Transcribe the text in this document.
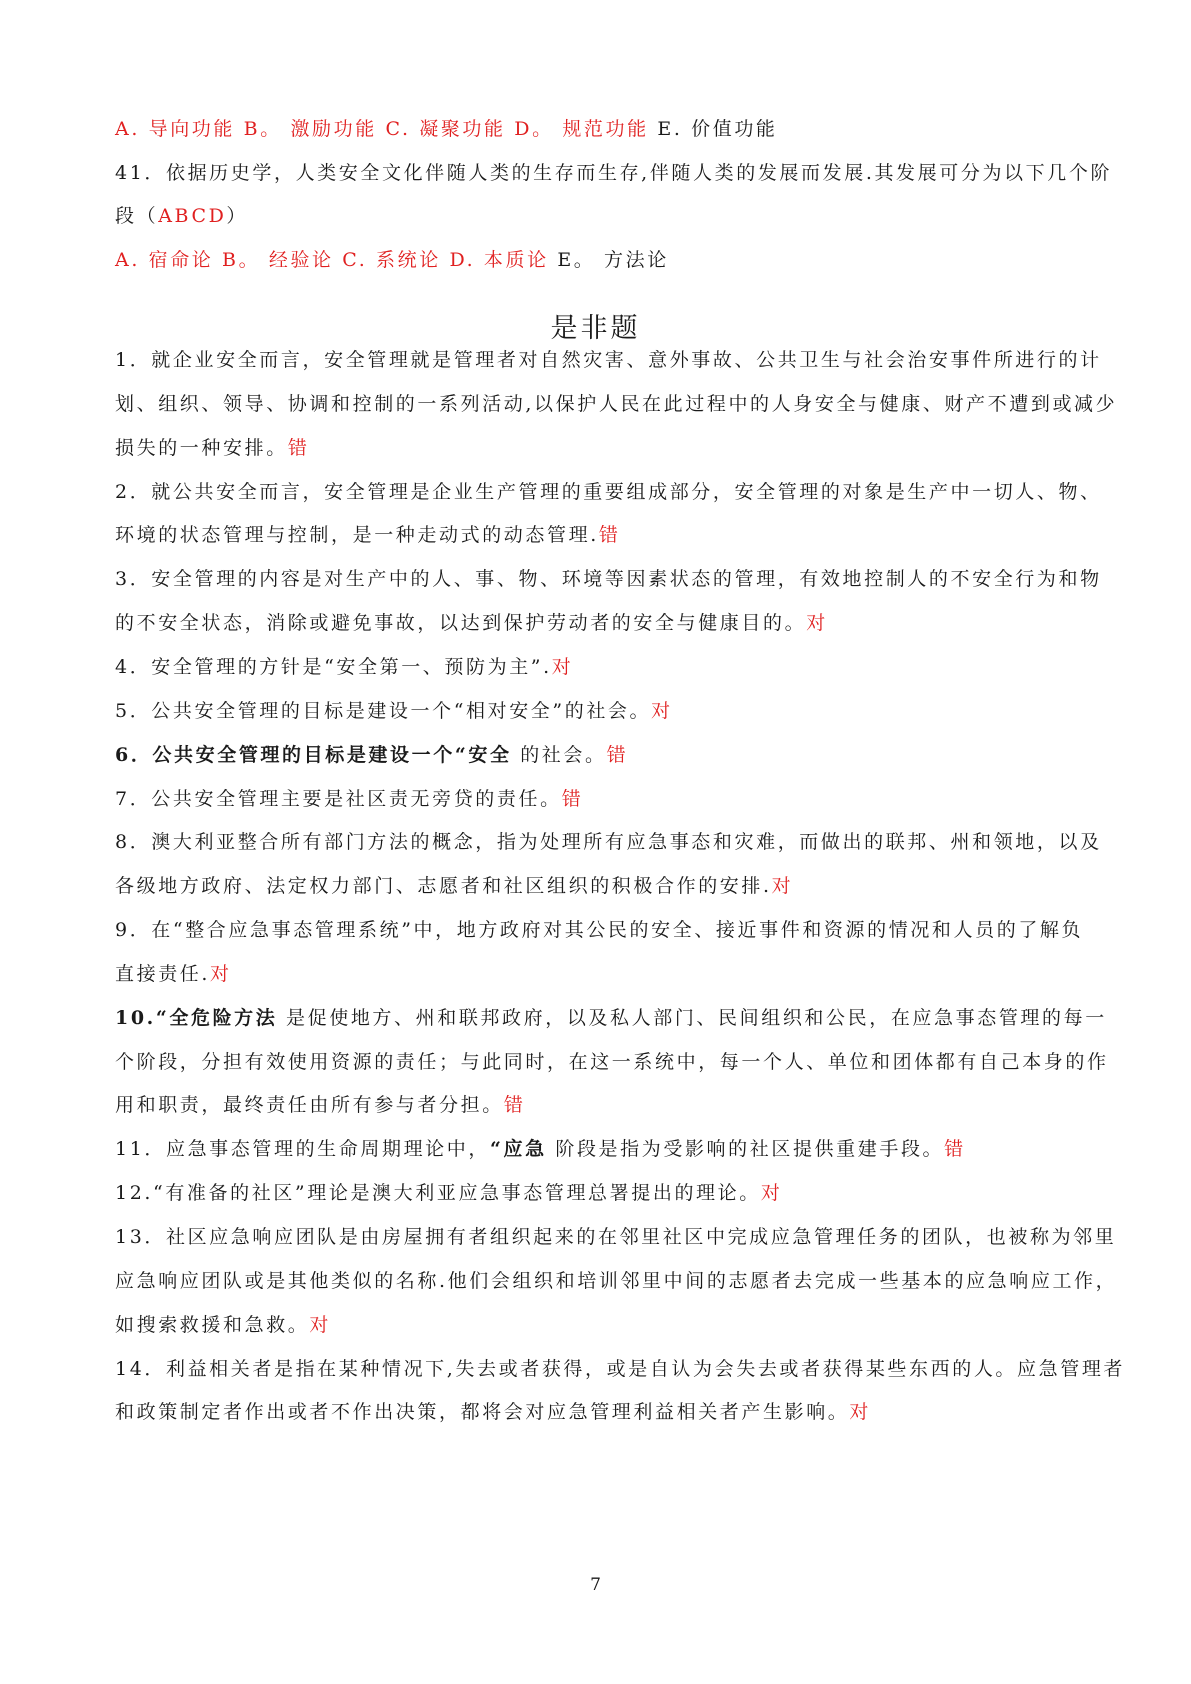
A. 导向功能 B。 激励功能 C. 凝聚功能 D。 规范功能 E. 价值功能
41．依据历史学，人类安全文化伴随人类的生存而生存,伴随人类的发展而发展.其发展可分为以下几个阶
段（ABCD）
A. 宿命论 B。 经验论 C. 系统论 D. 本质论 E。 方法论
是非题
1．就企业安全而言，安全管理就是管理者对自然灾害、意外事故、公共卫生与社会治安事件所进行的计
划、组织、领导、协调和控制的一系列活动,以保护人民在此过程中的人身安全与健康、财产不遭到或减少
损失的一种安排。错
2．就公共安全而言，安全管理是企业生产管理的重要组成部分，安全管理的对象是生产中一切人、物、
环境的状态管理与控制，是一种走动式的动态管理.错
3．安全管理的内容是对生产中的人、事、物、环境等因素状态的管理，有效地控制人的不安全行为和物
的不安全状态，消除或避免事故，以达到保护劳动者的安全与健康目的。对
4．安全管理的方针是“安全第一、预防为主”.对
5．公共安全管理的目标是建设一个“相对安全”的社会。对
6．公共安全管理的目标是建设一个“安全 的社会。错
7．公共安全管理主要是社区责无旁贷的责任。错
8．澳大利亚整合所有部门方法的概念，指为处理所有应急事态和灾难，而做出的联邦、州和领地，以及
各级地方政府、法定权力部门、志愿者和社区组织的积极合作的安排.对
9．在“整合应急事态管理系统”中，地方政府对其公民的安全、接近事件和资源的情况和人员的了解负
直接责任.对
10.“全危险方法 是促使地方、州和联邦政府，以及私人部门、民间组织和公民，在应急事态管理的每一
个阶段，分担有效使用资源的责任；与此同时，在这一系统中，每一个人、单位和团体都有自己本身的作
用和职责，最终责任由所有参与者分担。错
11．应急事态管理的生命周期理论中，“应急 阶段是指为受影响的社区提供重建手段。错
12.“有准备的社区”理论是澳大利亚应急事态管理总署提出的理论。对
13．社区应急响应团队是由房屋拥有者组织起来的在邻里社区中完成应急管理任务的团队，也被称为邻里
应急响应团队或是其他类似的名称.他们会组织和培训邻里中间的志愿者去完成一些基本的应急响应工作，
如搜索救援和急救。对
14．利益相关者是指在某种情况下,失去或者获得，或是自认为会失去或者获得某些东西的人。应急管理者
和政策制定者作出或者不作出决策，都将会对应急管理利益相关者产生影响。对
7
